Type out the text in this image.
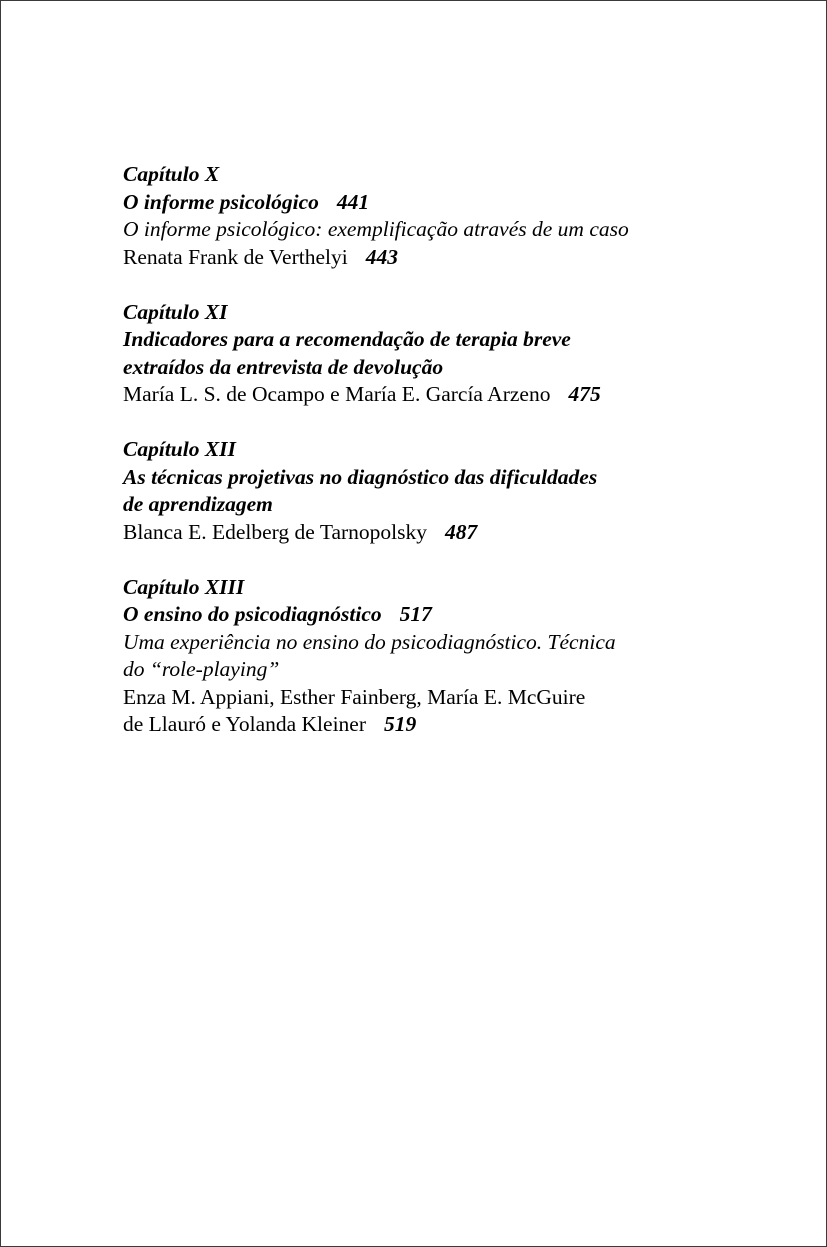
Capítulo X
O informe psicológico 441
O informe psicológico: exemplificação através de um caso
Renata Frank de Verthelyi 443
Capítulo XI
Indicadores para a recomendação de terapia breve
extraídos da entrevista de devolução
María L. S. de Ocampo e María E. García Arzeno 475
Capítulo XII
As técnicas projetivas no diagnóstico das dificuldades
de aprendizagem
Blanca E. Edelberg de Tarnopolsky 487
Capítulo XIII
O ensino do psicodiagnóstico 517
Uma experiência no ensino do psicodiagnóstico. Técnica
do “role-playing”
Enza M. Appiani, Esther Fainberg, María E. McGuire
de Llauró e Yolanda Kleiner 519
